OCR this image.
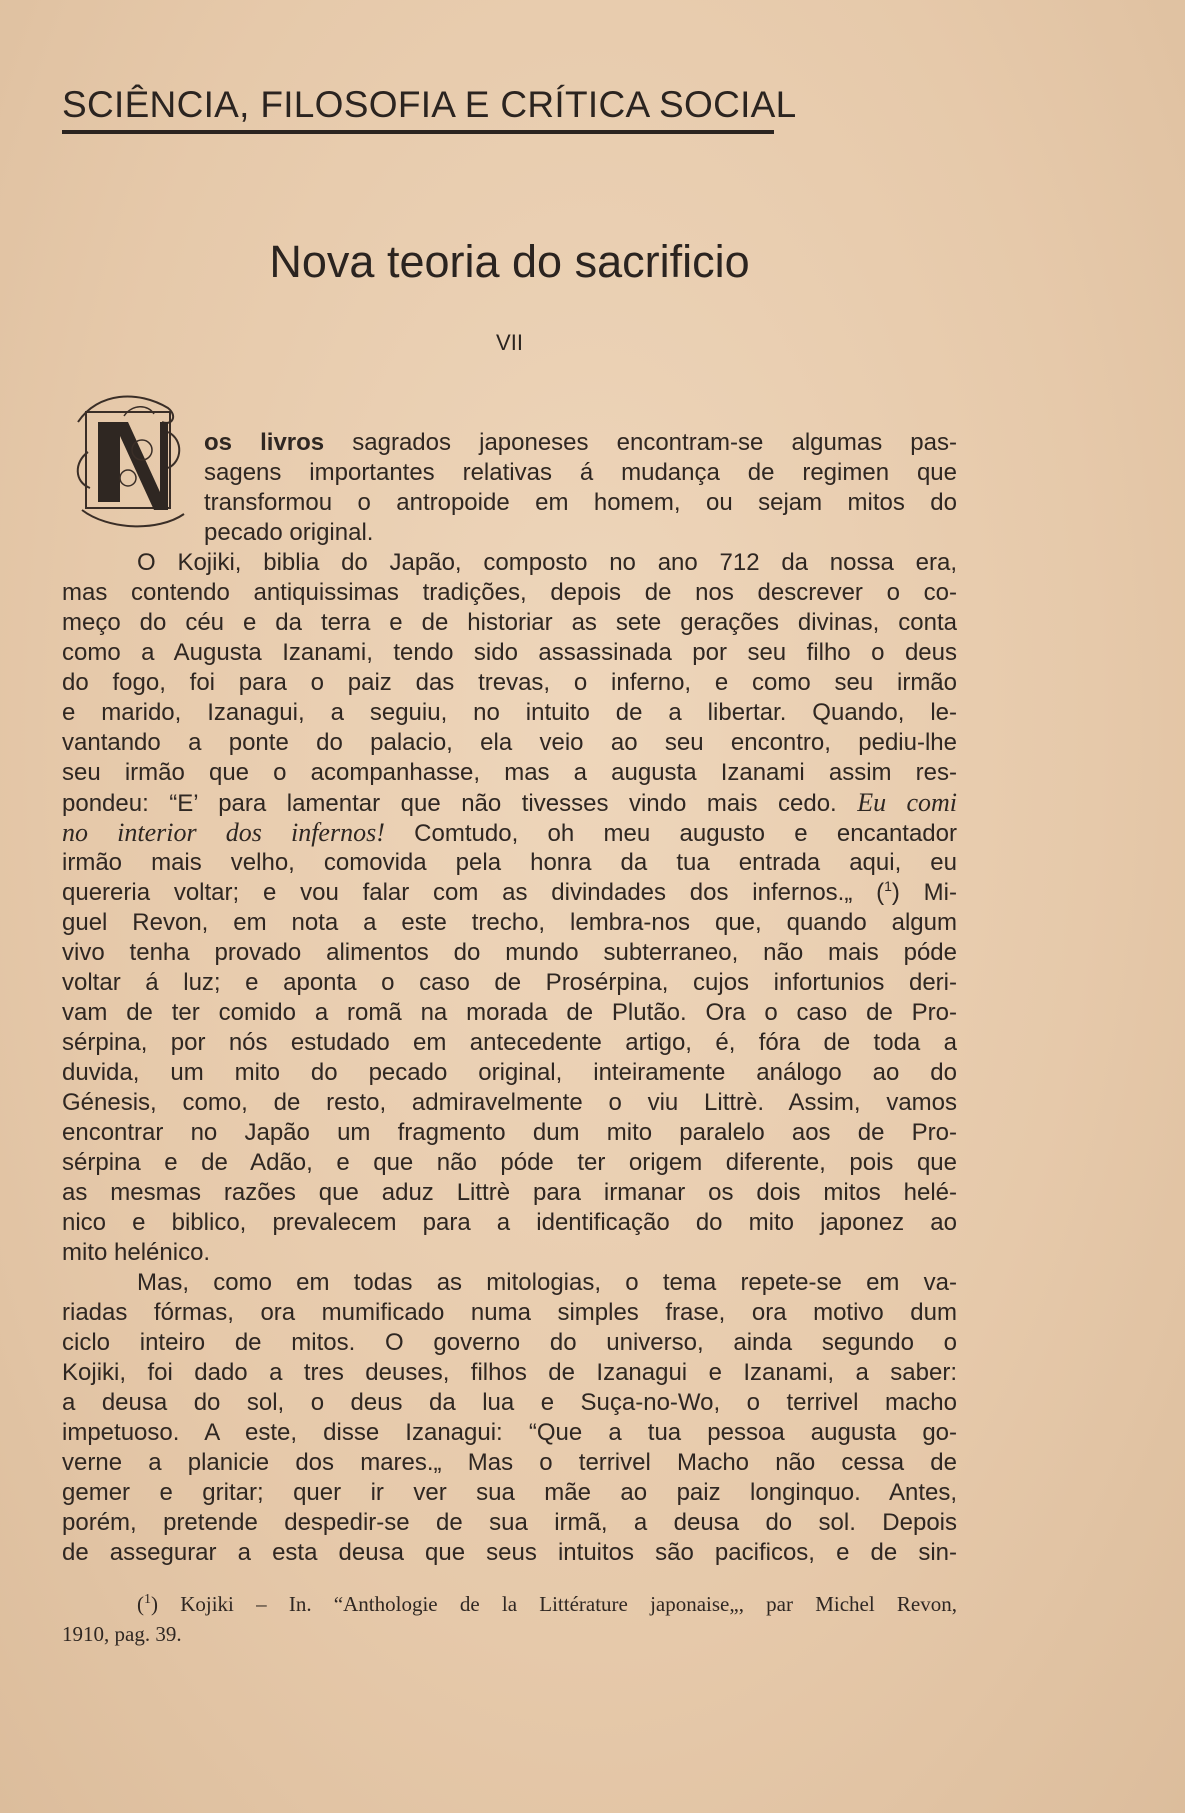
SCIÊNCIA, FILOSOFIA E CRÍTICA SOCIAL
Nova teoria do sacrificio
VII
os livros sagrados japoneses encontram-se algumas pas-
sagens importantes relativas á mudança de regimen que
transformou o antropoide em homem, ou sejam mitos do
pecado original.
O Kojiki, biblia do Japão, composto no ano 712 da nossa era,
mas contendo antiquissimas tradições, depois de nos descrever o co-
meço do céu e da terra e de historiar as sete gerações divinas, conta
como a Augusta Izanami, tendo sido assassinada por seu filho o deus
do fogo, foi para o paiz das trevas, o inferno, e como seu irmão
e marido, Izanagui, a seguiu, no intuito de a libertar. Quando, le-
vantando a ponte do palacio, ela veio ao seu encontro, pediu-lhe
seu irmão que o acompanhasse, mas a augusta Izanami assim res-
pondeu: “E’ para lamentar que não tivesses vindo mais cedo. Eu comi
no interior dos infernos! Comtudo, oh meu augusto e encantador
irmão mais velho, comovida pela honra da tua entrada aqui, eu
quereria voltar; e vou falar com as divindades dos infernos.„ ($^1$) Mi-
guel Revon, em nota a este trecho, lembra-nos que, quando algum
vivo tenha provado alimentos do mundo subterraneo, não mais póde
voltar á luz; e aponta o caso de Prosérpina, cujos infortunios deri-
vam de ter comido a romã na morada de Plutão. Ora o caso de Pro-
sérpina, por nós estudado em antecedente artigo, é, fóra de toda a
duvida, um mito do pecado original, inteiramente análogo ao do
Génesis, como, de resto, admiravelmente o viu Littrè. Assim, vamos
encontrar no Japão um fragmento dum mito paralelo aos de Pro-
sérpina e de Adão, e que não póde ter origem diferente, pois que
as mesmas razões que aduz Littrè para irmanar os dois mitos helé-
nico e biblico, prevalecem para a identificação do mito japonez ao
mito helénico.
Mas, como em todas as mitologias, o tema repete-se em va-
riadas fórmas, ora mumificado numa simples frase, ora motivo dum
ciclo inteiro de mitos. O governo do universo, ainda segundo o
Kojiki, foi dado a tres deuses, filhos de Izanagui e Izanami, a saber:
a deusa do sol, o deus da lua e Suça-no-Wo, o terrivel macho
impetuoso. A este, disse Izanagui: “Que a tua pessoa augusta go-
verne a planicie dos mares.„ Mas o terrivel Macho não cessa de
gemer e gritar; quer ir ver sua mãe ao paiz longinquo. Antes,
porém, pretende despedir-se de sua irmã, a deusa do sol. Depois
de assegurar a esta deusa que seus intuitos são pacificos, e de sin-
($^1$) Kojiki – In. “Anthologie de la Littérature japonaise„, par Michel Revon,
1910, pag. 39.
